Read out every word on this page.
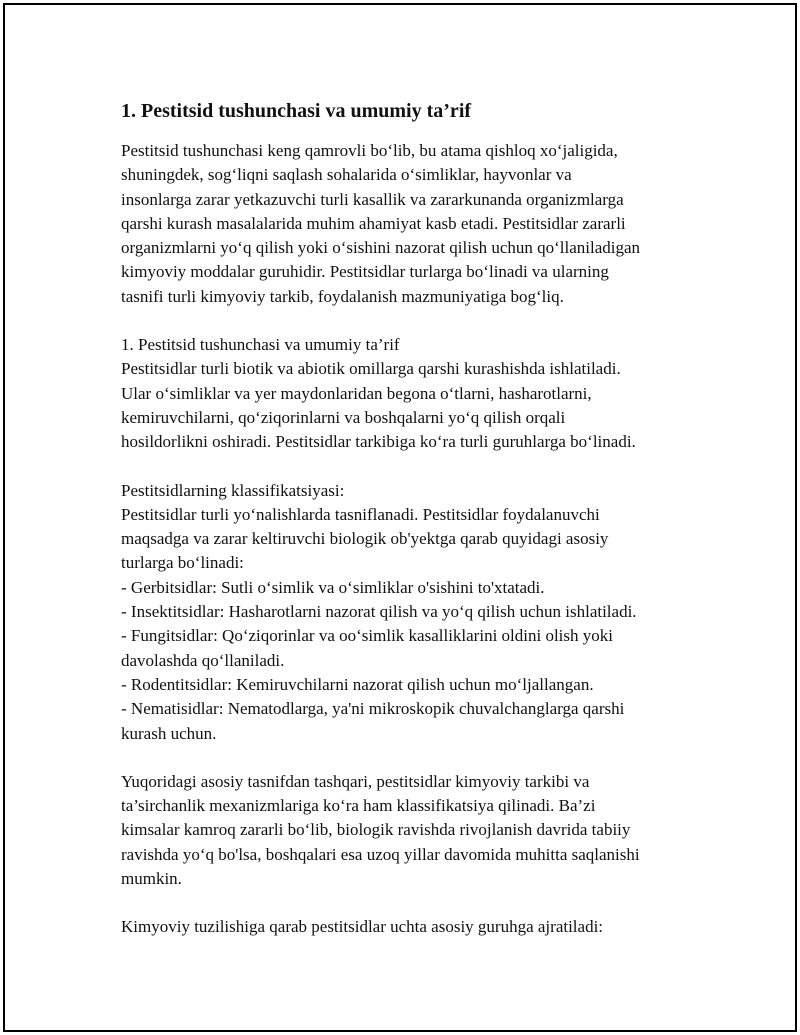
1. Pestitsid tushunchasi va umumiy ta’rif

Pestitsid tushunchasi keng qamrovli bo‘lib, bu atama qishloq xo‘jaligida,
shuningdek, sog‘liqni saqlash sohalarida o‘simliklar, hayvonlar va
insonlarga zarar yetkazuvchi turli kasallik va zararkunanda organizmlarga
qarshi kurash masalalarida muhim ahamiyat kasb etadi. Pestitsidlar zararli
organizmlarni yo‘q qilish yoki o‘sishini nazorat qilish uchun qo‘llaniladigan
kimyoviy moddalar guruhidir. Pestitsidlar turlarga bo‘linadi va ularning
tasnifi turli kimyoviy tarkib, foydalanish mazmuniyatiga bog‘liq.

1. Pestitsid tushunchasi va umumiy ta’rif
Pestitsidlar turli biotik va abiotik omillarga qarshi kurashishda ishlatiladi.
Ular o‘simliklar va yer maydonlaridan begona o‘tlarni, hasharotlarni,
kemiruvchilarni, qo‘ziqorinlarni va boshqalarni yo‘q qilish orqali
hosildorlikni oshiradi. Pestitsidlar tarkibiga ko‘ra turli guruhlarga bo‘linadi.

Pestitsidlarning klassifikatsiyasi:
Pestitsidlar turli yo‘nalishlarda tasniflanadi. Pestitsidlar foydalanuvchi
maqsadga va zarar keltiruvchi biologik ob'yektga qarab quyidagi asosiy
turlarga bo‘linadi:
- Gerbitsidlar: Sutli o‘simlik va o‘simliklar o'sishini to'xtatadi.
- Insektitsidlar: Hasharotlarni nazorat qilish va yo‘q qilish uchun ishlatiladi.
- Fungitsidlar: Qo‘ziqorinlar va oo‘simlik kasalliklarini oldini olish yoki
davolashda qo‘llaniladi.
- Rodentitsidlar: Kemiruvchilarni nazorat qilish uchun mo‘ljallangan.
- Nematisidlar: Nematodlarga, ya'ni mikroskopik chuvalchanglarga qarshi
kurash uchun.

Yuqoridagi asosiy tasnifdan tashqari, pestitsidlar kimyoviy tarkibi va
ta’sirchanlik mexanizmlariga ko‘ra ham klassifikatsiya qilinadi. Ba’zi
kimsalar kamroq zararli bo‘lib, biologik ravishda rivojlanish davrida tabiiy
ravishda yo‘q bo'lsa, boshqalari esa uzoq yillar davomida muhitta saqlanishi
mumkin.

Kimyoviy tuzilishiga qarab pestitsidlar uchta asosiy guruhga ajratiladi:
